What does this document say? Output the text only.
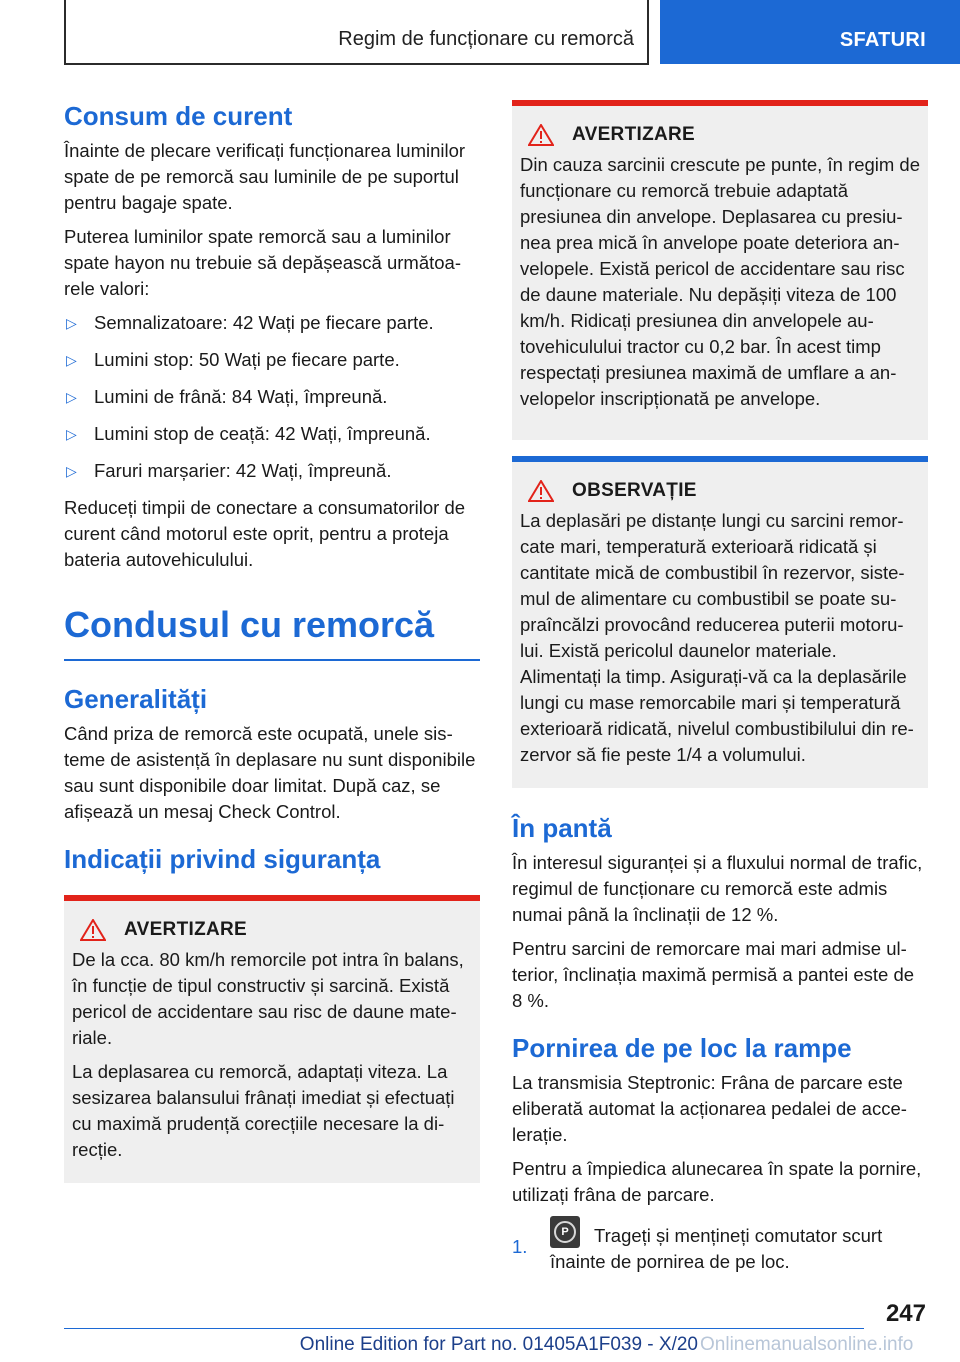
Regim de funcționare cu remorcă	SFATURI
Consum de curent

Înainte de plecare verificați funcționarea luminilor spate de pe remorcă sau luminile de pe suportul pentru bagaje spate.

Puterea luminilor spate remorcă sau a luminilor spate hayon nu trebuie să depășească următoarele valori:

▷ Semnalizatoare: 42 Wați pe fiecare parte.
▷ Lumini stop: 50 Wați pe fiecare parte.
▷ Lumini de frână: 84 Wați, împreună.
▷ Lumini stop de ceață: 42 Wați, împreună.
▷ Faruri marșarier: 42 Wați, împreună.

Reduceți timpii de conectare a consumatorilor de curent când motorul este oprit, pentru a proteja bateria autovehiculului.

Condusul cu remorcă
Generalități

Când priza de remorcă este ocupată, unele sisteme de asistență în deplasare nu sunt disponibile sau sunt disponibile doar limitat. După caz, se afișează un mesaj Check Control.

Indicații privind siguranța
AVERTIZARE

De la cca. 80 km/h remorcile pot intra în balans, în funcție de tipul constructiv și sarcină. Există pericol de accidentare sau risc de daune materiale.

La deplasarea cu remorcă, adaptați viteza. La sesizarea balansului frânați imediat și efectuați cu maximă prudență corecțiile necesare la direcție.

AVERTIZARE

Din cauza sarcinii crescute pe punte, în regim de funcționare cu remorcă trebuie adaptată presiunea din anvelope. Deplasarea cu presiunea prea mică în anvelope poate deteriora anvelopele. Există pericol de accidentare sau risc de daune materiale. Nu depășiți viteza de 100 km/h. Ridicați presiunea din anvelopele autovehiculului tractor cu 0,2 bar. În acest timp respectați presiunea maximă de umflare a anvelopelor inscripționată pe anvelope.

OBSERVAȚIE

La deplasări pe distanțe lungi cu sarcini remorcate mari, temperatură exterioară ridicată și cantitate mică de combustibil în rezervor, sistemul de alimentare cu combustibil se poate supraîncălzi provocând reducerea puterii motorului. Există pericolul daunelor materiale. Alimentați la timp. Asigurați-vă ca la deplasările lungi cu mase remorcabile mari și temperatură exterioară ridicată, nivelul combustibilului din rezervor să fie peste 1/4 a volumului.

În pantă

În interesul siguranței și a fluxului normal de trafic, regimul de funcționare cu remorcă este admis numai până la înclinații de 12 %.

Pentru sarcini de remorcare mai mari admise ulterior, înclinația maximă permisă a pantei este de 8 %.

Pornirea de pe loc la rampe

La transmisia Steptronic: Frâna de parcare este eliberată automat la acționarea pedalei de accelerație.

Pentru a împiedica alunecarea în spate la pornire, utilizați frâna de parcare.

1.
P	Trageți și mențineți comutator scurt înainte de pornirea de pe loc.
247
Online Edition for Part no. 01405A1F039 - X/20 Onlinemanualsonline.info
